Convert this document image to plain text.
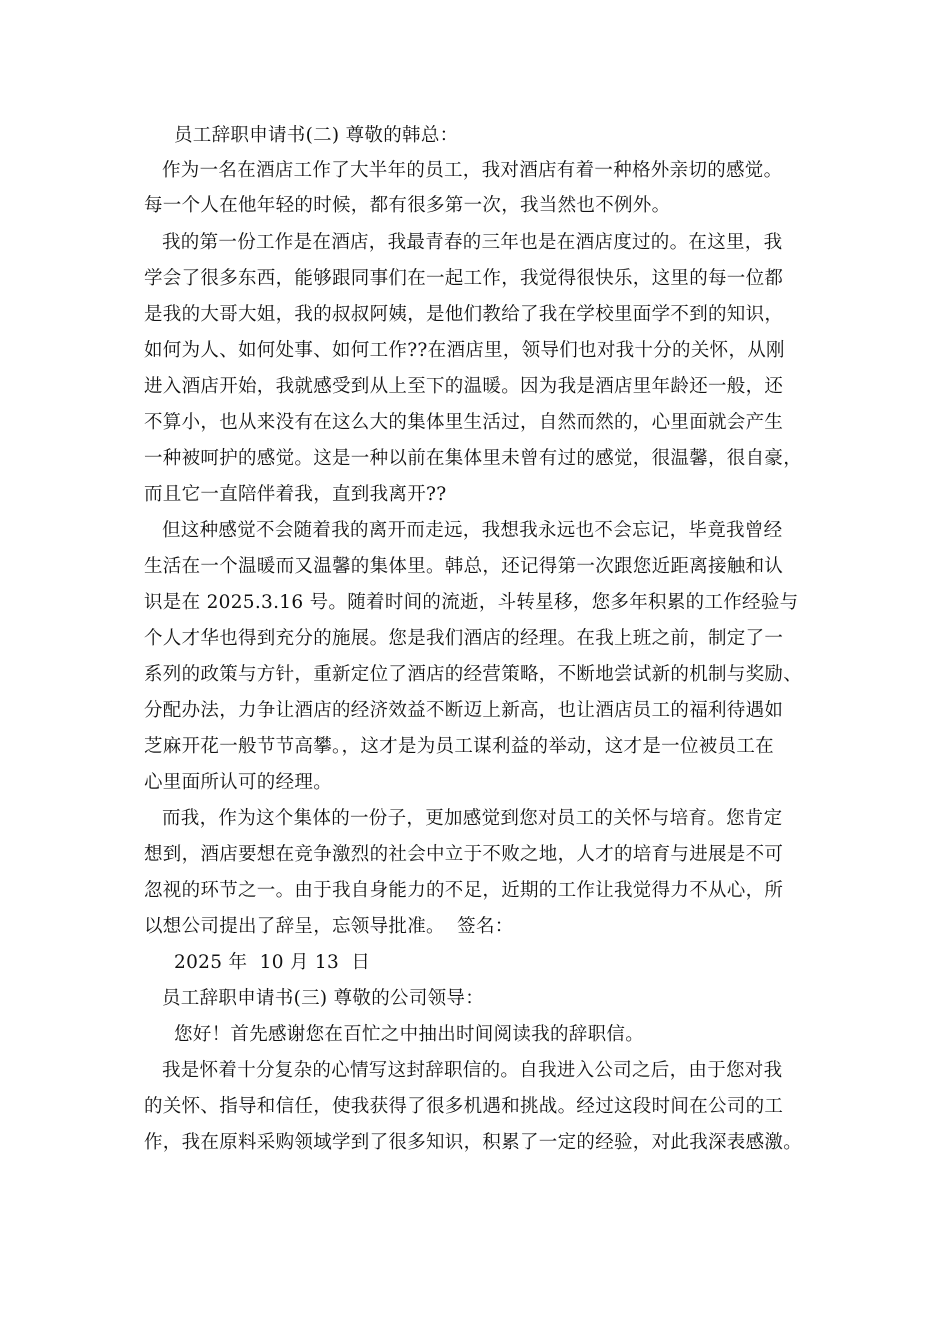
员工辞职申请书(二) 尊敬的韩总：
作为一名在酒店工作了大半年的员工，我对酒店有着一种格外亲切的感觉。
每一个人在他年轻的时候，都有很多第一次，我当然也不例外。
我的第一份工作是在酒店，我最青春的三年也是在酒店度过的。在这里，我
学会了很多东西，能够跟同事们在一起工作，我觉得很快乐，这里的每一位都
是我的大哥大姐，我的叔叔阿姨，是他们教给了我在学校里面学不到的知识，
如何为人、如何处事、如何工作??在酒店里，领导们也对我十分的关怀，从刚
进入酒店开始，我就感受到从上至下的温暖。因为我是酒店里年龄还一般，还
不算小，也从来没有在这么大的集体里生活过，自然而然的，心里面就会产生
一种被呵护的感觉。这是一种以前在集体里未曾有过的感觉，很温馨，很自豪，
而且它一直陪伴着我，直到我离开??
但这种感觉不会随着我的离开而走远，我想我永远也不会忘记，毕竟我曾经
生活在一个温暖而又温馨的集体里。韩总，还记得第一次跟您近距离接触和认
识是在 2025.3.16 号。随着时间的流逝，斗转星移，您多年积累的工作经验与
个人才华也得到充分的施展。您是我们酒店的经理。在我上班之前，制定了一
系列的政策与方针，重新定位了酒店的经营策略，不断地尝试新的机制与奖励、
分配办法，力争让酒店的经济效益不断迈上新高，也让酒店员工的福利待遇如
芝麻开花一般节节高攀。，这才是为员工谋利益的举动，这才是一位被员工在
心里面所认可的经理。
而我，作为这个集体的一份子，更加感觉到您对员工的关怀与培育。您肯定
想到，酒店要想在竞争激烈的社会中立于不败之地，人才的培育与进展是不可
忽视的环节之一。由于我自身能力的不足，近期的工作让我觉得力不从心，所
以想公司提出了辞呈，忘领导批准。  签名：
2025 年  10 月 13  日
员工辞职申请书(三) 尊敬的公司领导：
您好！首先感谢您在百忙之中抽出时间阅读我的辞职信。
我是怀着十分复杂的心情写这封辞职信的。自我进入公司之后，由于您对我
的关怀、指导和信任，使我获得了很多机遇和挑战。经过这段时间在公司的工
作，我在原料采购领域学到了很多知识，积累了一定的经验，对此我深表感激。
